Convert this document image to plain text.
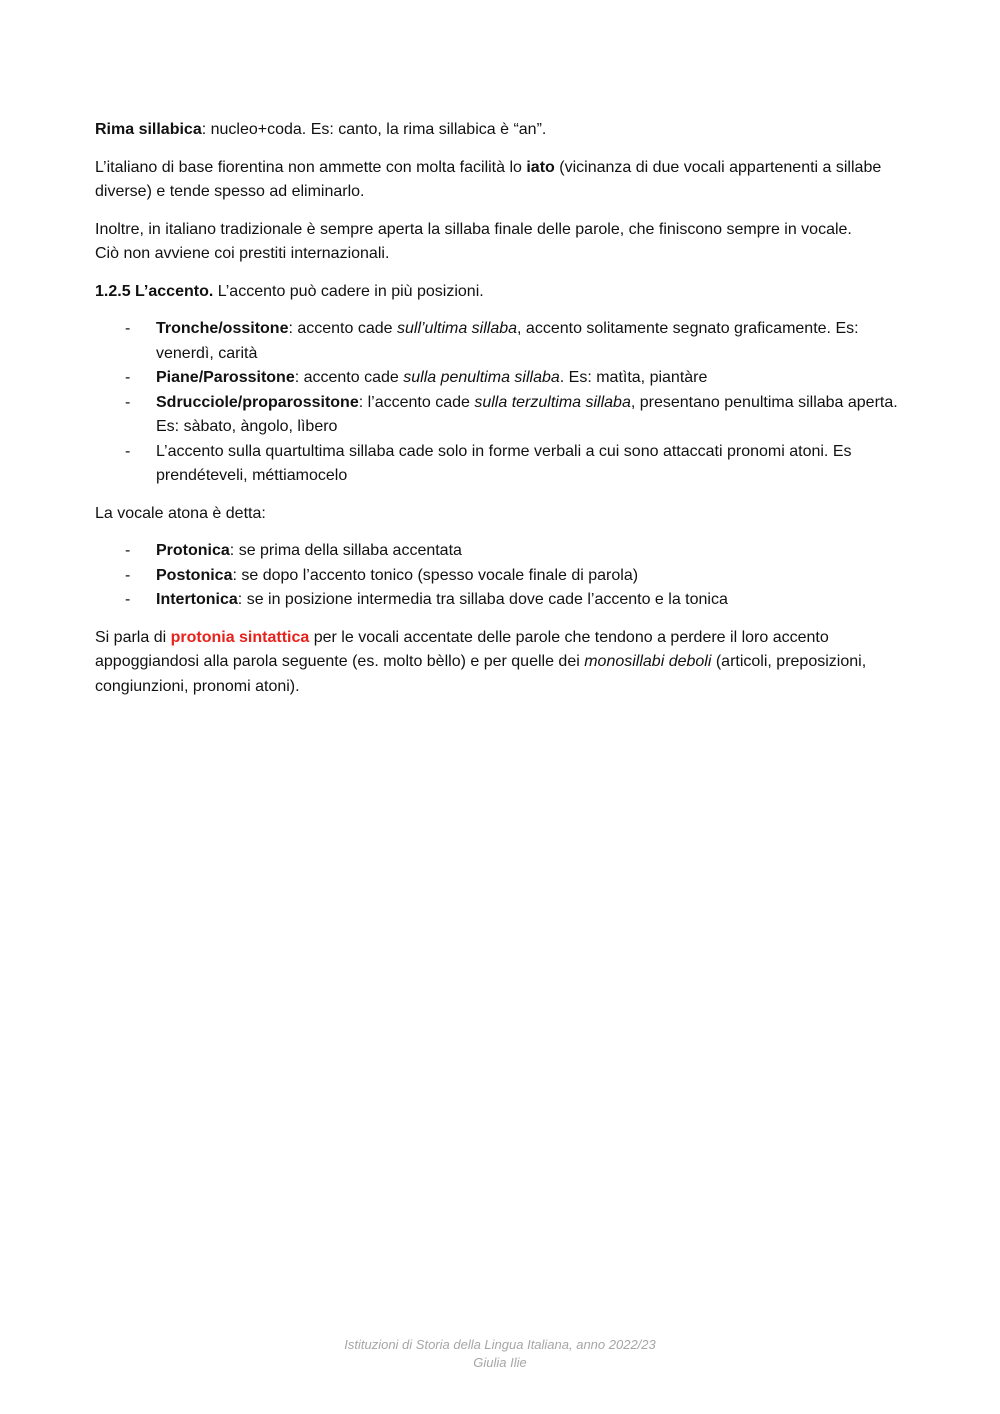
Rima sillabica: nucleo+coda. Es: canto, la rima sillabica è “an”.

L’italiano di base fiorentina non ammette con molta facilità lo iato (vicinanza di due vocali appartenenti a sillabe diverse) e tende spesso ad eliminarlo.

Inoltre, in italiano tradizionale è sempre aperta la sillaba finale delle parole, che finiscono sempre in vocale.
Ciò non avviene coi prestiti internazionali.

1.2.5 L’accento. L’accento può cadere in più posizioni.

- Tronche/ossitone: accento cade sull’ultima sillaba, accento solitamente segnato graficamente. Es: venerdì, carità
- Piane/Parossitone: accento cade sulla penultima sillaba. Es: matìta, piantàre
- Sdrucciole/proparossitone: l’accento cade sulla terzultima sillaba, presentano penultima sillaba aperta. Es: sàbato, àngolo, lìbero
- L’accento sulla quartultima sillaba cade solo in forme verbali a cui sono attaccati pronomi atoni. Es prendéteveli, méttiamocelo

La vocale atona è detta:

- Protonica: se prima della sillaba accentata
- Postonica: se dopo l’accento tonico (spesso vocale finale di parola)
- Intertonica: se in posizione intermedia tra sillaba dove cade l’accento e la tonica

Si parla di protonia sintattica per le vocali accentate delle parole che tendono a perdere il loro accento appoggiandosi alla parola seguente (es. molto bèllo) e per quelle dei monosillabi deboli (articoli, preposizioni, congiunzioni, pronomi atoni).

Istituzioni di Storia della Lingua Italiana, anno 2022/23
Giulia Ilie
